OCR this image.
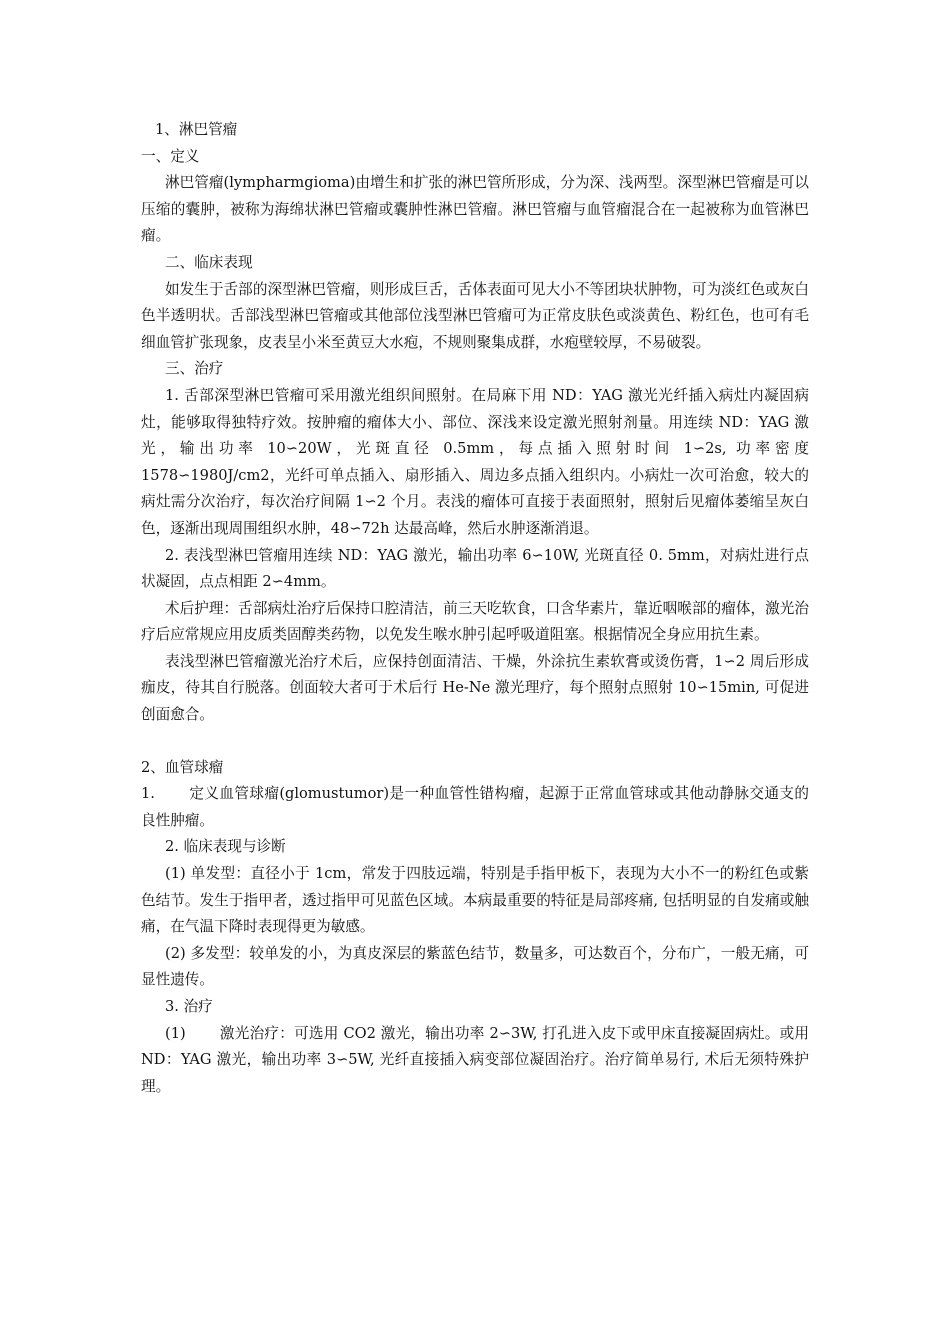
1、淋巴管瘤

一、定义

淋巴管瘤(lympharmgioma)由增生和扩张的淋巴管所形成，分为深、浅两型。深型淋巴管瘤是可以压缩的囊肿，被称为海绵状淋巴管瘤或囊肿性淋巴管瘤。淋巴管瘤与血管瘤混合在一起被称为血管淋巴瘤。

二、临床表现

如发生于舌部的深型淋巴管瘤，则形成巨舌，舌体表面可见大小不等团块状肿物，可为淡红色或灰白色半透明状。舌部浅型淋巴管瘤或其他部位浅型淋巴管瘤可为正常皮肤色或淡黄色、粉红色，也可有毛细血管扩张现象，皮表呈小米至黄豆大水疱，不规则聚集成群，水疱壁较厚，不易破裂。

三、治疗

1. 舌部深型淋巴管瘤可采用激光组织间照射。在局麻下用 ND：YAG 激光光纤插入病灶内凝固病灶，能够取得独特疗效。按肿瘤的瘤体大小、部位、深浅来设定激光照射剂量。用连续 ND：YAG 激光，输出功率 10∽20W，光斑直径 0.5mm，每点插入照射时间 1∽2s, 功率密度 1578∽1980J/cm2，光纤可单点插入、扇形插入、周边多点插入组织内。小病灶一次可治愈，较大的病灶需分次治疗，每次治疗间隔 1∽2 个月。表浅的瘤体可直接于表面照射，照射后见瘤体萎缩呈灰白色，逐渐出现周围组织水肿，48∽72h 达最高峰，然后水肿逐渐消退。

2. 表浅型淋巴管瘤用连续 ND：YAG 激光，输出功率 6∽10W, 光斑直径 0. 5mm，对病灶进行点状凝固，点点相距 2∽4mm。

术后护理：舌部病灶治疗后保持口腔清洁，前三天吃软食，口含华素片，靠近咽喉部的瘤体，激光治疗后应常规应用皮质类固醇类药物，以免发生喉水肿引起呼吸道阻塞。根据情况全身应用抗生素。

表浅型淋巴管瘤激光治疗术后，应保持创面清洁、干燥，外涂抗生素软膏或烫伤膏，1∽2 周后形成痂皮，待其自行脱落。创面较大者可于术后行 He-Ne 激光理疗，每个照射点照射 10∽15min, 可促进创面愈合。

2、血管球瘤

1. 定义血管球瘤(glomustumor)是一种血管性错构瘤，起源于正常血管球或其他动静脉交通支的良性肿瘤。

2. 临床表现与诊断

(1) 单发型：直径小于 1cm，常发于四肢远端，特别是手指甲板下，表现为大小不一的粉红色或紫色结节。发生于指甲者，透过指甲可见蓝色区域。本病最重要的特征是局部疼痛, 包括明显的自发痛或触痛，在气温下降时表现得更为敏感。

(2) 多发型：较单发的小，为真皮深层的紫蓝色结节，数量多，可达数百个，分布广，一般无痛，可显性遗传。

3. 治疗

(1) 激光治疗：可选用 CO2 激光，输出功率 2∽3W, 打孔进入皮下或甲床直接凝固病灶。或用 ND：YAG 激光，输出功率 3∽5W, 光纤直接插入病变部位凝固治疗。治疗简单易行, 术后无须特殊护理。
